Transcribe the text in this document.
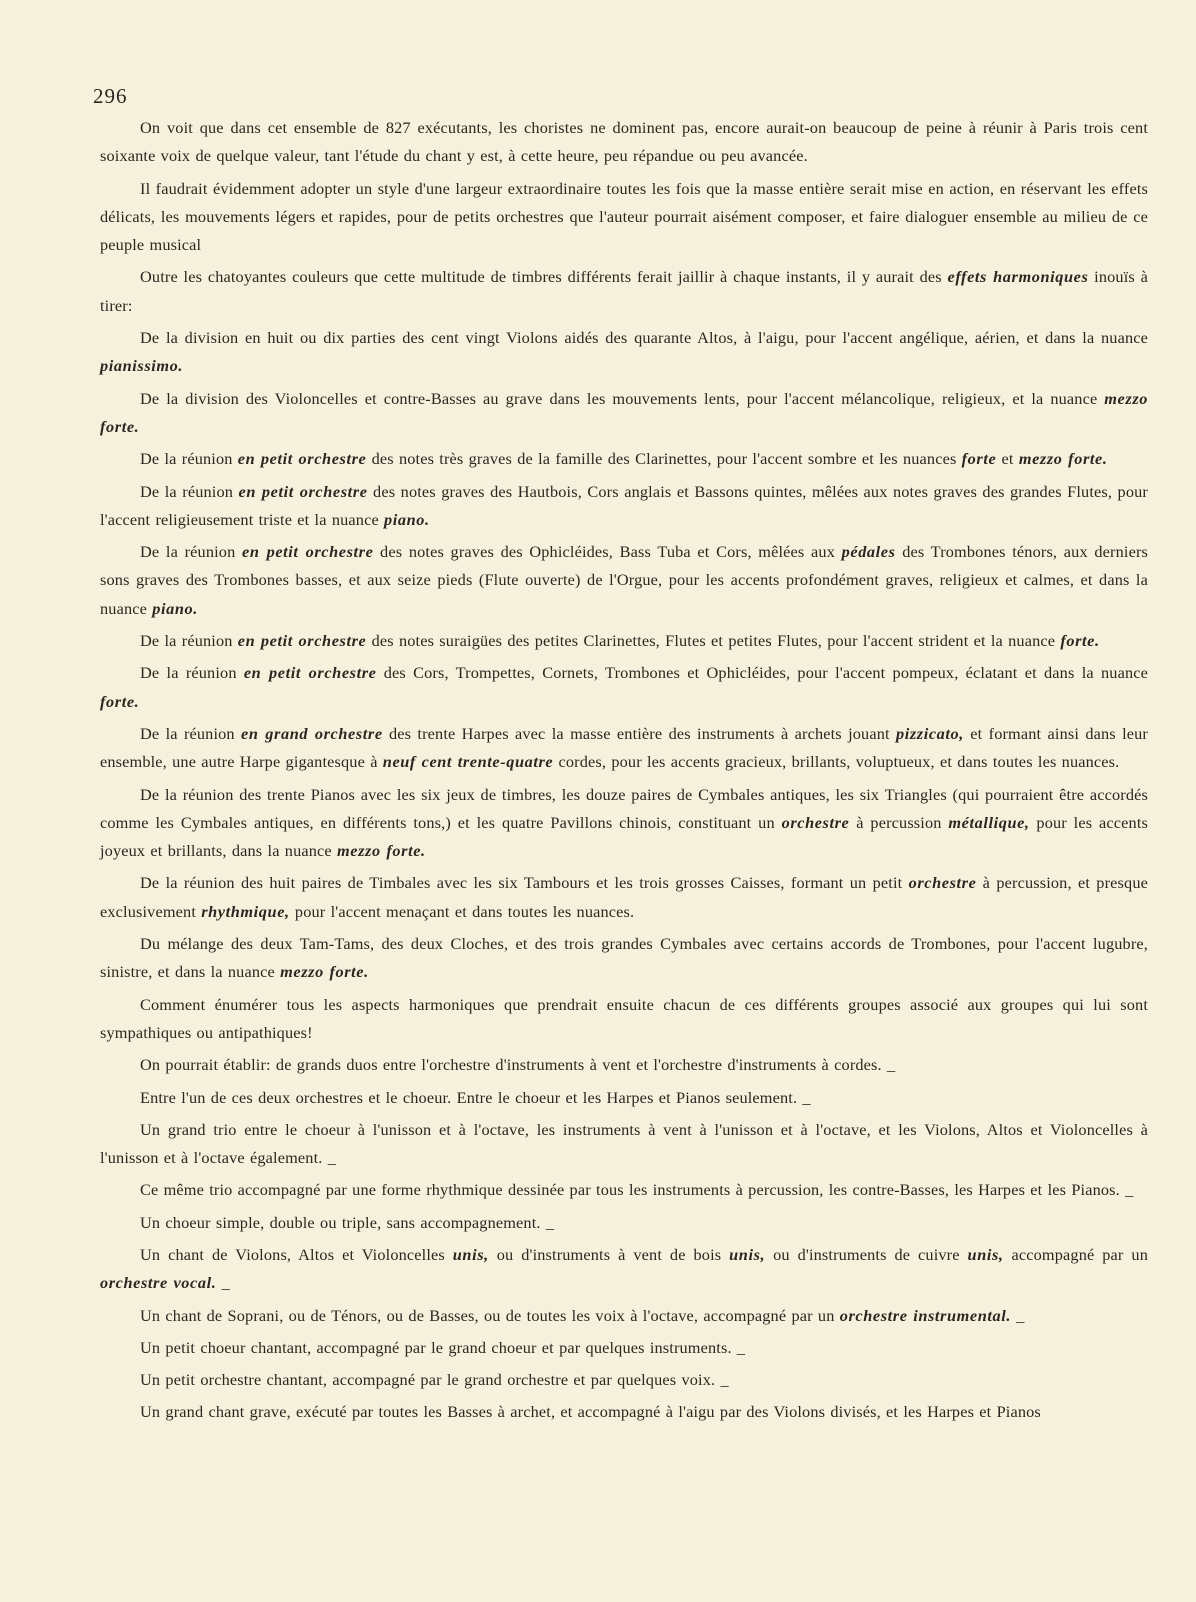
296

On voit que dans cet ensemble de 827 exécutants, les choristes ne dominent pas, encore aurait-on beaucoup de peine à réunir à Paris trois cent soixante voix de quelque valeur, tant l'étude du chant y est, à cette heure, peu répandue ou peu avancée.

Il faudrait évidemment adopter un style d'une largeur extraordinaire toutes les fois que la masse entière serait mise en action, en réservant les effets délicats, les mouvements légers et rapides, pour de petits orchestres que l'auteur pourrait aisément composer, et faire dialoguer ensemble au milieu de ce peuple musical

Outre les chatoyantes couleurs que cette multitude de timbres différents ferait jaillir à chaque instants, il y aurait des effets harmoniques inouïs à tirer:

De la division en huit ou dix parties des cent vingt Violons aidés des quarante Altos, à l'aigu, pour l'accent angélique, aérien, et dans la nuance pianissimo.

De la division des Violoncelles et contre-Basses au grave dans les mouvements lents, pour l'accent mélancolique, religieux, et la nuance mezzo forte.

De la réunion en petit orchestre des notes très graves de la famille des Clarinettes, pour l'accent sombre et les nuances forte et mezzo forte.

De la réunion en petit orchestre des notes graves des Hautbois, Cors anglais et Bassons quintes, mêlées aux notes graves des grandes Flutes, pour l'accent religieusement triste et la nuance piano.

De la réunion en petit orchestre des notes graves des Ophicléides, Bass Tuba et Cors, mêlées aux pédales des Trombones ténors, aux derniers sons graves des Trombones basses, et aux seize pieds (Flute ouverte) de l'Orgue, pour les accents profondément graves, religieux et calmes, et dans la nuance piano.

De la réunion en petit orchestre des notes suraigües des petites Clarinettes, Flutes et petites Flutes, pour l'accent strident et la nuance forte.

De la réunion en petit orchestre des Cors, Trompettes, Cornets, Trombones et Ophicléides, pour l'accent pompeux, éclatant et dans la nuance forte.

De la réunion en grand orchestre des trente Harpes avec la masse entière des instruments à archets jouant pizzicato, et formant ainsi dans leur ensemble, une autre Harpe gigantesque à neuf cent trente-quatre cordes, pour les accents gracieux, brillants, voluptueux, et dans toutes les nuances.

De la réunion des trente Pianos avec les six jeux de timbres, les douze paires de Cymbales antiques, les six Triangles (qui pourraient être accordés comme les Cymbales antiques, en différents tons,) et les quatre Pavillons chinois, constituant un orchestre à percussion métallique, pour les accents joyeux et brillants, dans la nuance mezzo forte.

De la réunion des huit paires de Timbales avec les six Tambours et les trois grosses Caisses, formant un petit orchestre à percussion, et presque exclusivement rhythmique, pour l'accent menaçant et dans toutes les nuances.

Du mélange des deux Tam-Tams, des deux Cloches, et des trois grandes Cymbales avec certains accords de Trombones, pour l'accent lugubre, sinistre, et dans la nuance mezzo forte.

Comment énumérer tous les aspects harmoniques que prendrait ensuite chacun de ces différents groupes associé aux groupes qui lui sont sympathiques ou antipathiques!

On pourrait établir: de grands duos entre l'orchestre d'instruments à vent et l'orchestre d'instruments à cordes. _

Entre l'un de ces deux orchestres et le choeur. Entre le choeur et les Harpes et Pianos seulement. _

Un grand trio entre le choeur à l'unisson et à l'octave, les instruments à vent à l'unisson et à l'octave, et les Violons, Altos et Violoncelles à l'unisson et à l'octave également. _

Ce même trio accompagné par une forme rhythmique dessinée par tous les instruments à percussion, les contre-Basses, les Harpes et les Pianos. _

Un choeur simple, double ou triple, sans accompagnement. _

Un chant de Violons, Altos et Violoncelles unis, ou d'instruments à vent de bois unis, ou d'instruments de cuivre unis, accompagné par un orchestre vocal. _

Un chant de Soprani, ou de Ténors, ou de Basses, ou de toutes les voix à l'octave, accompagné par un orchestre instrumental. _

Un petit choeur chantant, accompagné par le grand choeur et par quelques instruments. _

Un petit orchestre chantant, accompagné par le grand orchestre et par quelques voix. _

Un grand chant grave, exécuté par toutes les Basses à archet, et accompagné à l'aigu par des Violons divisés, et les Harpes et Pianos
